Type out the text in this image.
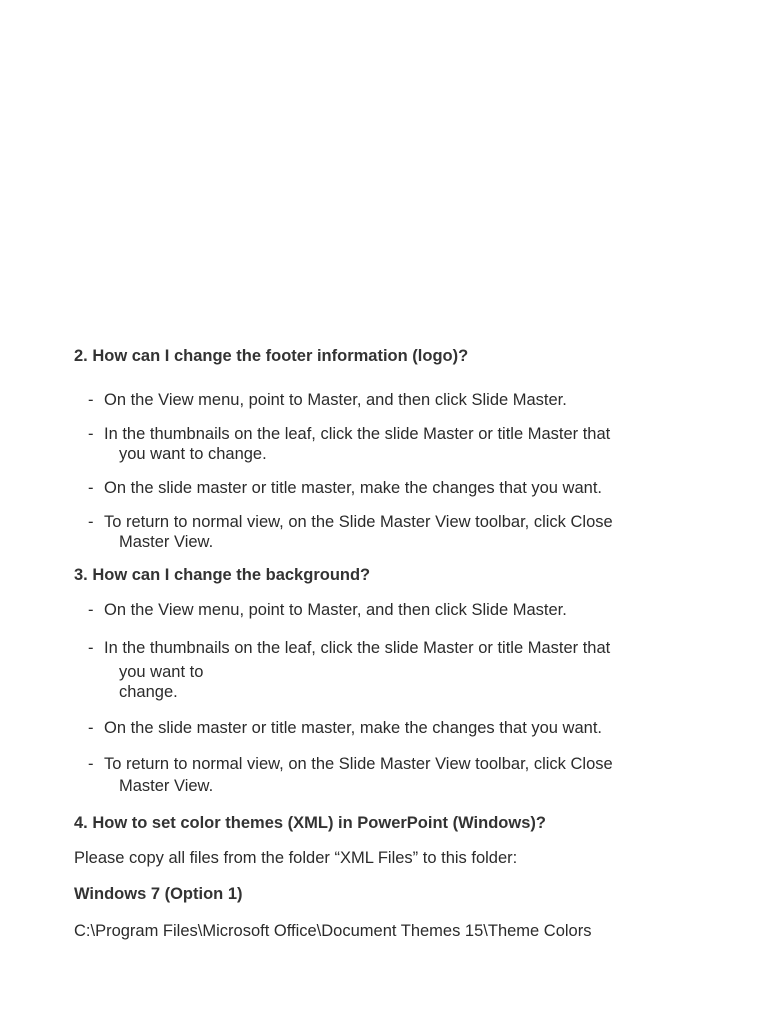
2. How can I change the footer information (logo)?
- On the View menu, point to Master, and then click Slide Master.
- In the thumbnails on the leaf, click the slide Master or title Master that
you want to change.
- On the slide master or title master, make the changes that you want.
- To return to normal view, on the Slide Master View toolbar, click Close
Master View.
3. How can I change the background?
- On the View menu, point to Master, and then click Slide Master.
- In the thumbnails on the leaf, click the slide Master or title Master that
you want to
change.
- On the slide master or title master, make the changes that you want.
- To return to normal view, on the Slide Master View toolbar, click Close
Master View.
4. How to set color themes (XML) in PowerPoint (Windows)?
Please copy all files from the folder “XML Files” to this folder:
Windows 7 (Option 1)
C:\Program Files\Microsoft Office\Document Themes 15\Theme Colors
